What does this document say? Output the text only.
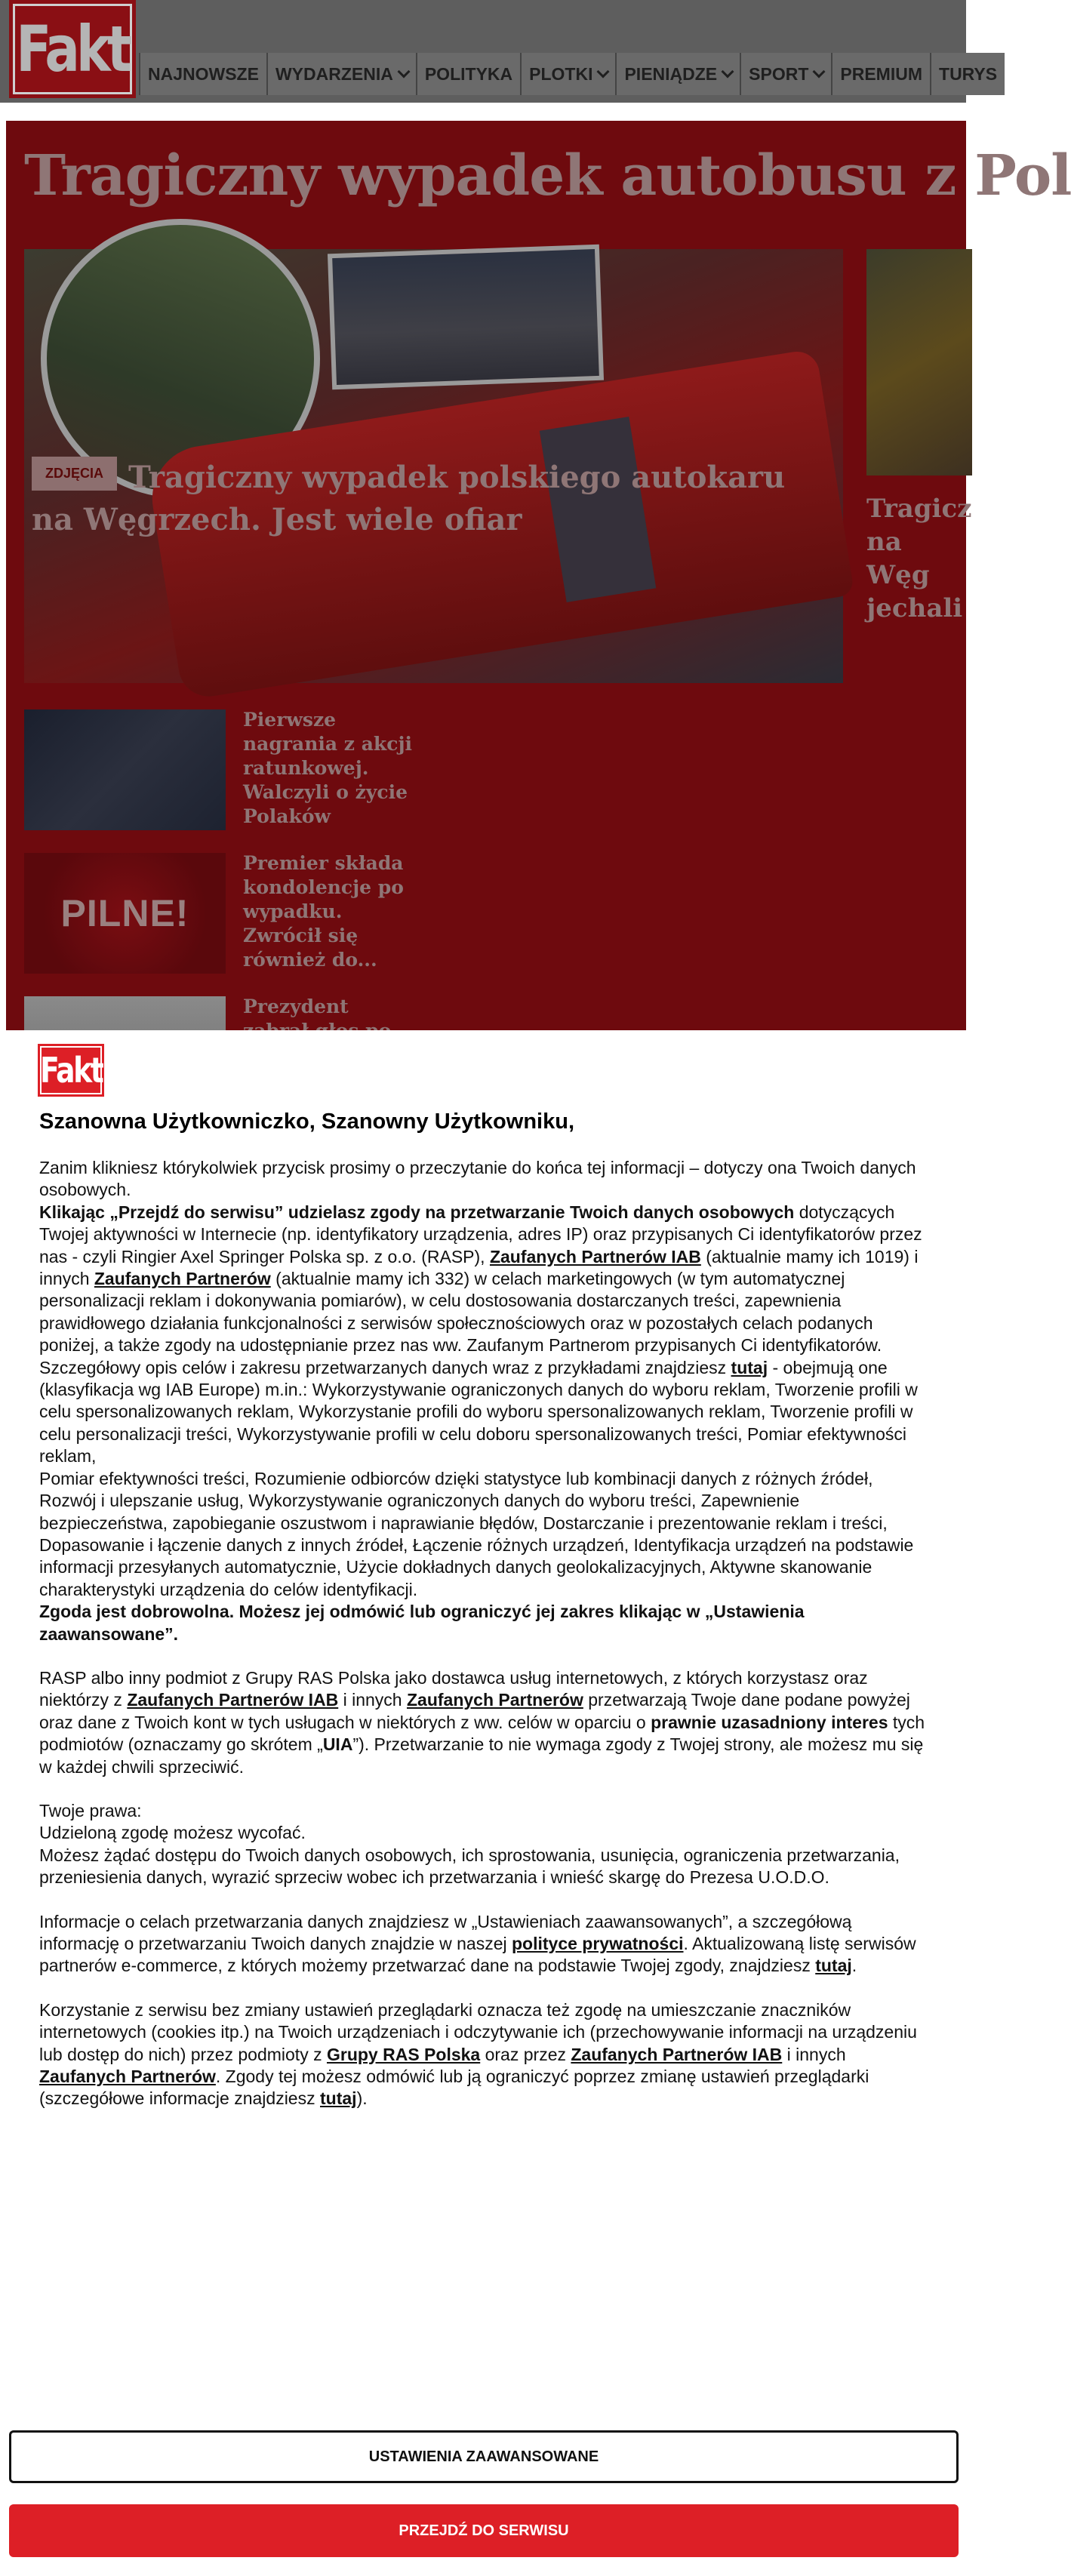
Fakt NAJNOWSZE WYDARZENIA POLITYKA PLOTKI PIENIĄDZE SPORT PREMIUM TURYS
Tragiczny wypadek autobusu z Pol
Tragiczny wypadek polskiego autokaru na Węgrzech. Jest wiele ofiar
ZDJĘCIA
Tragicz na Węg jechali
Pierwsze nagrania z akcji ratunkowej. Walczyli o życie Polaków
PILNE!
Premier składa kondolencje po wypadku. Zwrócił się również do...
Prezydent
Fakt
Szanowna Użytkowniczko, Szanowny Użytkowniku,

Zanim klikniesz którykolwiek przycisk prosimy o przeczytanie do końca tej informacji – dotyczy ona Twoich danych osobowych.

Klikając „Przejdź do serwisu” udzielasz zgody na przetwarzanie Twoich danych osobowych dotyczących Twojej aktywności w Internecie (np. identyfikatory urządzenia, adres IP) oraz przypisanych Ci identyfikatorów przez nas - czyli Ringier Axel Springer Polska sp. z o.o. (RASP), Zaufanych Partnerów IAB (aktualnie mamy ich 1019) i innych Zaufanych Partnerów (aktualnie mamy ich 332) w celach marketingowych (w tym automatycznej personalizacji reklam i dokonywania pomiarów), w celu dostosowania dostarczanych treści, zapewnienia prawidłowego działania funkcjonalności z serwisów społecznościowych oraz w pozostałych celach podanych poniżej, a także zgody na udostępnianie przez nas ww. Zaufanym Partnerom przypisanych Ci identyfikatorów. Szczegółowy opis celów i zakresu przetwarzanych danych wraz z przykładami znajdziesz tutaj - obejmują one (klasyfikacja wg IAB Europe) m.in.: Wykorzystywanie ograniczonych danych do wyboru reklam, Tworzenie profili w celu spersonalizowanych reklam, Wykorzystanie profili do wyboru spersonalizowanych reklam, Tworzenie profili w celu personalizacji treści, Wykorzystywanie profili w celu doboru spersonalizowanych treści, Pomiar efektywności reklam,

Pomiar efektywności treści, Rozumienie odbiorców dzięki statystyce lub kombinacji danych z różnych źródeł, Rozwój i ulepszanie usług, Wykorzystywanie ograniczonych danych do wyboru treści, Zapewnienie bezpieczeństwa, zapobieganie oszustwom i naprawianie błędów, Dostarczanie i prezentowanie reklam i treści, Dopasowanie i łączenie danych z innych źródeł, Łączenie różnych urządzeń, Identyfikacja urządzeń na podstawie informacji przesyłanych automatycznie, Użycie dokładnych danych geolokalizacyjnych, Aktywne skanowanie charakterystyki urządzenia do celów identyfikacji.

Zgoda jest dobrowolna. Możesz jej odmówić lub ograniczyć jej zakres klikając w „Ustawienia zaawansowane”.

RASP albo inny podmiot z Grupy RAS Polska jako dostawca usług internetowych, z których korzystasz oraz niektórzy z Zaufanych Partnerów IAB i innych Zaufanych Partnerów przetwarzają Twoje dane podane powyżej oraz dane z Twoich kont w tych usługach w niektórych z ww. celów w oparciu o prawnie uzasadniony interes tych podmiotów (oznaczamy go skrótem „UIA”). Przetwarzanie to nie wymaga zgody z Twojej strony, ale możesz mu się w każdej chwili sprzeciwić.

Twoje prawa:

Udzieloną zgodę możesz wycofać.

Możesz żądać dostępu do Twoich danych osobowych, ich sprostowania, usunięcia, ograniczenia przetwarzania, przeniesienia danych, wyrazić sprzeciw wobec ich przetwarzania i wnieść skargę do Prezesa U.O.D.O.

Informacje o celach przetwarzania danych znajdziesz w „Ustawieniach zaawansowanych”, a szczegółową informację o przetwarzaniu Twoich danych znajdzie w naszej polityce prywatności. Aktualizowaną listę serwisów partnerów e-commerce, z których możemy przetwarzać dane na podstawie Twojej zgody, znajdziesz tutaj.

Korzystanie z serwisu bez zmiany ustawień przeglądarki oznacza też zgodę na umieszczanie znaczników internetowych (cookies itp.) na Twoich urządzeniach i odczytywanie ich (przechowywanie informacji na urządzeniu lub dostęp do nich) przez podmioty z Grupy RAS Polska oraz przez Zaufanych Partnerów IAB i innych Zaufanych Partnerów. Zgody tej możesz odmówić lub ją ograniczyć poprzez zmianę ustawień przeglądarki (szczegółowe informacje znajdziesz tutaj).

USTAWIENIA ZAAWANSOWANE
PRZEJDŹ DO SERWISU
